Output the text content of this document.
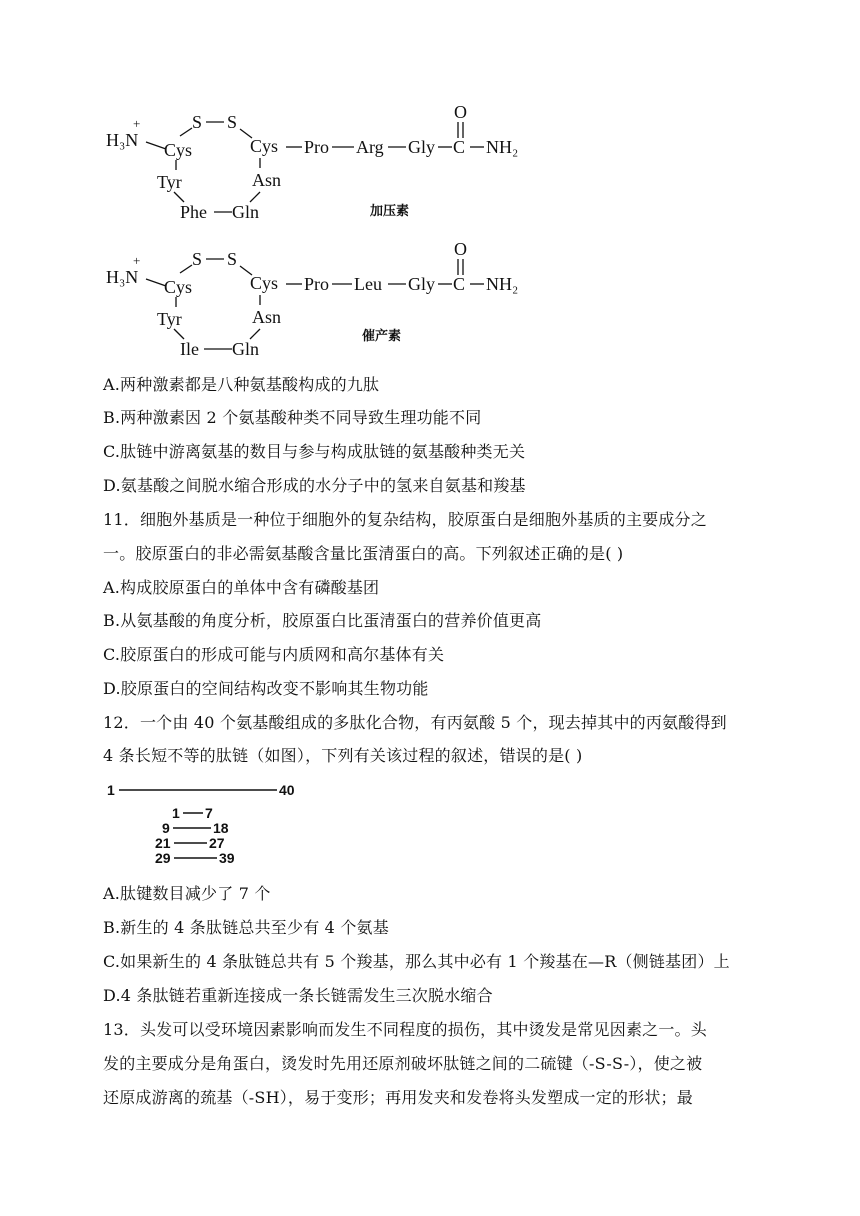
H₃N
+
Cys
S S
Cys
Tyr
Phe Gln
Asn
Pro Arg Gly
O
C NH₂
加压素
H₃N
+
Cys
S S
Cys
Tyr
Ile Gln
Asn
Pro Leu Gly
O
C NH₂
催产素
A.两种激素都是八种氨基酸构成的九肽
B.两种激素因 2 个氨基酸种类不同导致生理功能不同
C.肽链中游离氨基的数目与参与构成肽链的氨基酸种类无关
D.氨基酸之间脱水缩合形成的水分子中的氢来自氨基和羧基
11．细胞外基质是一种位于细胞外的复杂结构，胶原蛋白是细胞外基质的主要成分之
一。胶原蛋白的非必需氨基酸含量比蛋清蛋白的高。下列叙述正确的是( )
A.构成胶原蛋白的单体中含有磷酸基团
B.从氨基酸的角度分析，胶原蛋白比蛋清蛋白的营养价值更高
C.胶原蛋白的形成可能与内质网和高尔基体有关
D.胶原蛋白的空间结构改变不影响其生物功能
12．一个由 40 个氨基酸组成的多肽化合物，有丙氨酸 5 个，现去掉其中的丙氨酸得到
4 条长短不等的肽链（如图），下列有关该过程的叙述，错误的是( )
1	40
1 7
9	18
21	27
29	39
A.肽键数目减少了 7 个
B.新生的 4 条肽链总共至少有 4 个氨基
C.如果新生的 4 条肽链总共有 5 个羧基，那么其中必有 1 个羧基在—R（侧链基团）上
D.4 条肽链若重新连接成一条长链需发生三次脱水缩合
13．头发可以受环境因素影响而发生不同程度的损伤，其中烫发是常见因素之一。头
发的主要成分是角蛋白，烫发时先用还原剂破坏肽链之间的二硫键（-S-S-），使之被
还原成游离的巯基（-SH），易于变形；再用发夹和发卷将头发塑成一定的形状；最
